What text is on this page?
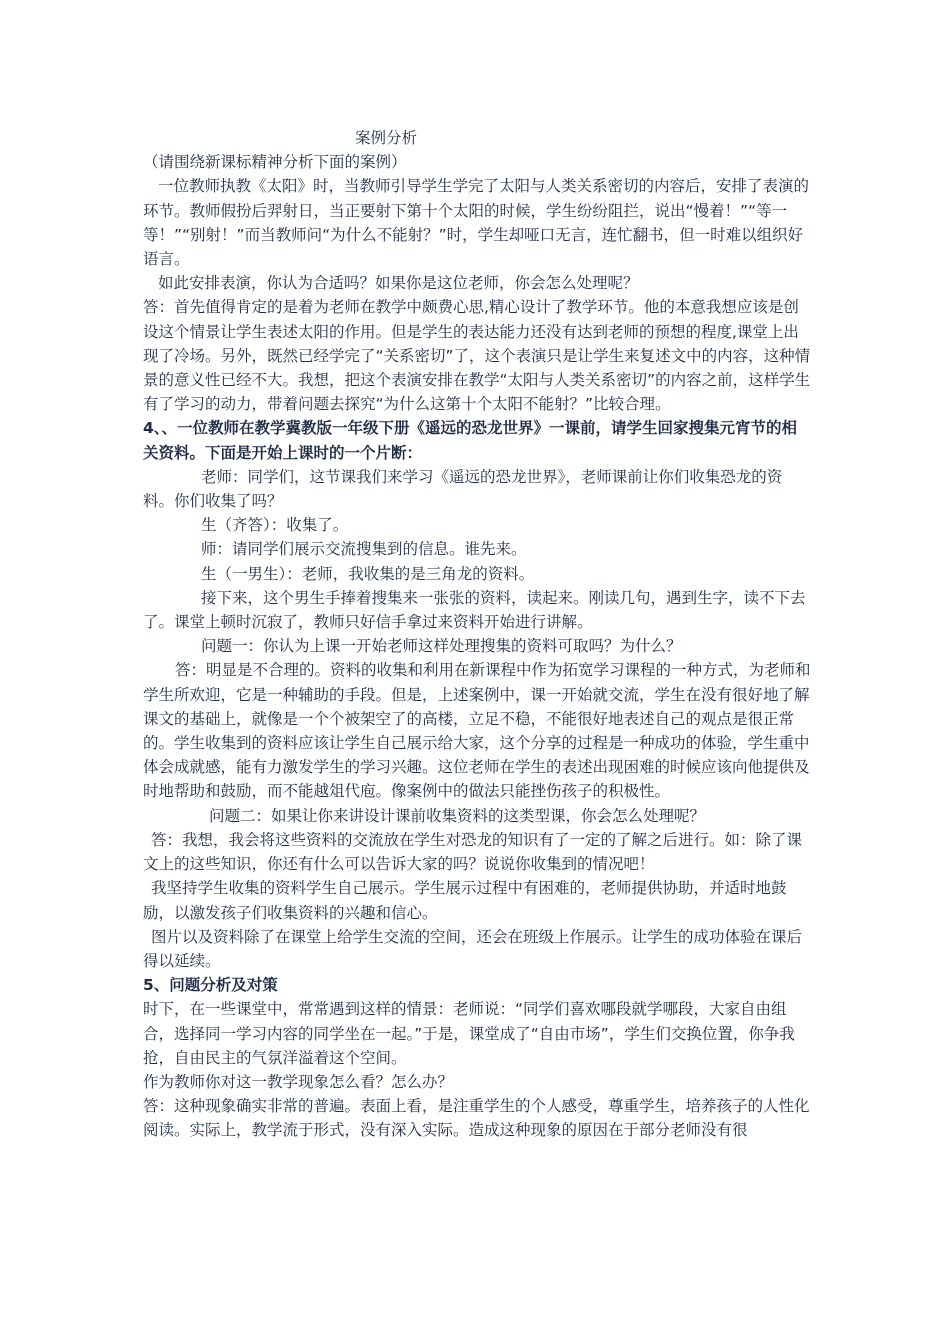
案例分析

（请围绕新课标精神分析下面的案例）

一位教师执教《太阳》时，当教师引导学生学完了太阳与人类关系密切的内容后，安排了表演的环节。教师假扮后羿射日，当正要射下第十个太阳的时候，学生纷纷阻拦，说出“慢着！”“等一等！”“别射！”而当教师问“为什么不能射？”时，学生却哑口无言，连忙翻书，但一时难以组织好语言。

如此安排表演，你认为合适吗？如果你是这位老师，你会怎么处理呢？

答：首先值得肯定的是着为老师在教学中颇费心思,精心设计了教学环节。他的本意我想应该是创设这个情景让学生表述太阳的作用。但是学生的表达能力还没有达到老师的预想的程度,课堂上出现了冷场。另外，既然已经学完了“关系密切”了，这个表演只是让学生来复述文中的内容，这种情景的意义性已经不大。我想，把这个表演安排在教学“太阳与人类关系密切”的内容之前，这样学生有了学习的动力，带着问题去探究“为什么这第十个太阳不能射？”比较合理。

4、、一位教师在教学冀教版一年级下册《遥远的恐龙世界》一课前，请学生回家搜集元宵节的相关资料。下面是开始上课时的一个片断：

老师：同学们，这节课我们来学习《遥远的恐龙世界》，老师课前让你们收集恐龙的资料。你们收集了吗？

生（齐答）：收集了。

师：请同学们展示交流搜集到的信息。谁先来。

生（一男生）：老师，我收集的是三角龙的资料。

接下来，这个男生手捧着搜集来一张张的资料，读起来。刚读几句，遇到生字，读不下去了。课堂上顿时沉寂了，教师只好信手拿过来资料开始进行讲解。

问题一：你认为上课一开始老师这样处理搜集的资料可取吗？为什么？

答：明显是不合理的。资料的收集和利用在新课程中作为拓宽学习课程的一种方式，为老师和学生所欢迎，它是一种辅助的手段。但是，上述案例中，课一开始就交流，学生在没有很好地了解课文的基础上，就像是一个个被架空了的高楼，立足不稳，不能很好地表述自己的观点是很正常的。学生收集到的资料应该让学生自己展示给大家，这个分享的过程是一种成功的体验，学生重中体会成就感，能有力激发学生的学习兴趣。这位老师在学生的表述出现困难的时候应该向他提供及时地帮助和鼓励，而不能越俎代庖。像案例中的做法只能挫伤孩子的积极性。

问题二：如果让你来讲设计课前收集资料的这类型课，你会怎么处理呢？

答：我想，我会将这些资料的交流放在学生对恐龙的知识有了一定的了解之后进行。如：除了课文上的这些知识，你还有什么可以告诉大家的吗？说说你收集到的情况吧！

我坚持学生收集的资料学生自己展示。学生展示过程中有困难的，老师提供协助，并适时地鼓励，以激发孩子们收集资料的兴趣和信心。

图片以及资料除了在课堂上给学生交流的空间，还会在班级上作展示。让学生的成功体验在课后得以延续。

5、问题分析及对策

时下，在一些课堂中，常常遇到这样的情景：老师说：“同学们喜欢哪段就学哪段，大家自由组合，选择同一学习内容的同学坐在一起。”于是，课堂成了“自由市场”，学生们交换位置，你争我抢，自由民主的气氛洋溢着这个空间。

作为教师你对这一教学现象怎么看？怎么办？

答：这种现象确实非常的普遍。表面上看，是注重学生的个人感受，尊重学生，培养孩子的人性化阅读。实际上，教学流于形式，没有深入实际。造成这种现象的原因在于部分老师没有很
